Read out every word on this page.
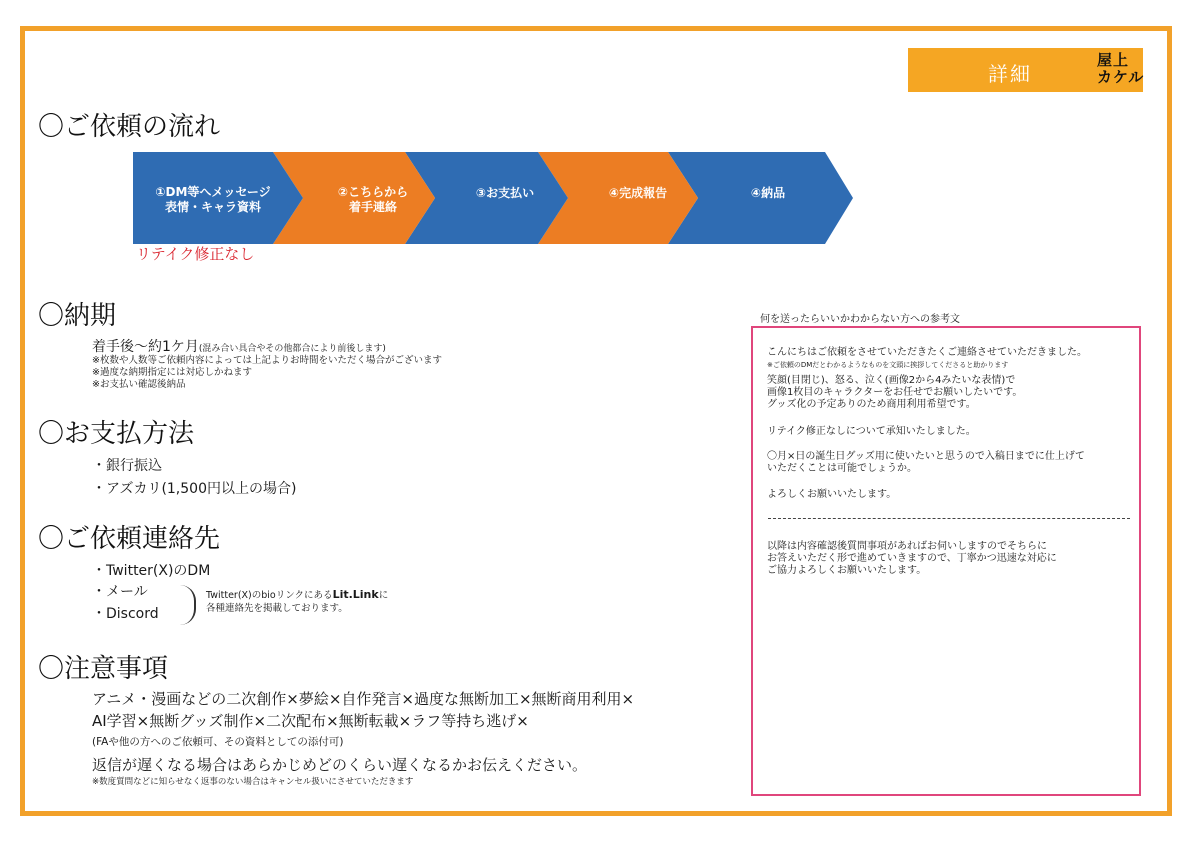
詳細
屋上
カケル
〇ご依頼の流れ
①DM等へメッセージ
表情・キャラ資料
②こちらから
着手連絡
③お支払い	④完成報告	④納品
リテイク修正なし
〇納期
着手後〜約1ケ月(混み合い具合やその他都合により前後します)
※枚数や人数等ご依頼内容によっては上記よりお時間をいただく場合がございます
※過度な納期指定には対応しかねます
※お支払い確認後納品
〇お支払方法
・銀行振込
・アズカリ(1,500円以上の場合)
〇ご依頼連絡先
・Twitter(X)のDM
・メール
・Discord
Twitter(X)のbioリンクにあるLit.Linkに
各種連絡先を掲載しております。
〇注意事項
アニメ・漫画などの二次創作×夢絵×自作発言×過度な無断加工×無断商用利用×
AI学習×無断グッズ制作×二次配布×無断転載×ラフ等持ち逃げ×
(FAや他の方へのご依頼可、その資料としての添付可)
返信が遅くなる場合はあらかじめどのくらい遅くなるかお伝えください。
※数度質問などに知らせなく返事のない場合はキャンセル扱いにさせていただきます
何を送ったらいいかわからない方への参考文
こんにちはご依頼をさせていただきたくご連絡させていただきました。
※ご依頼のDMだとわかるようなものを文頭に挨拶してくださると助かります
笑顔(目閉じ)、怒る、泣く(画像2から4みたいな表情)で
画像1枚目のキャラクターをお任せでお願いしたいです。
グッズ化の予定ありのため商用利用希望です。
リテイク修正なしについて承知いたしました。
〇月×日の誕生日グッズ用に使いたいと思うので入稿日までに仕上げて
いただくことは可能でしょうか。
よろしくお願いいたします。
以降は内容確認後質問事項があればお伺いしますのでそちらに
お答えいただく形で進めていきますので、丁寧かつ迅速な対応に
ご協力よろしくお願いいたします。
